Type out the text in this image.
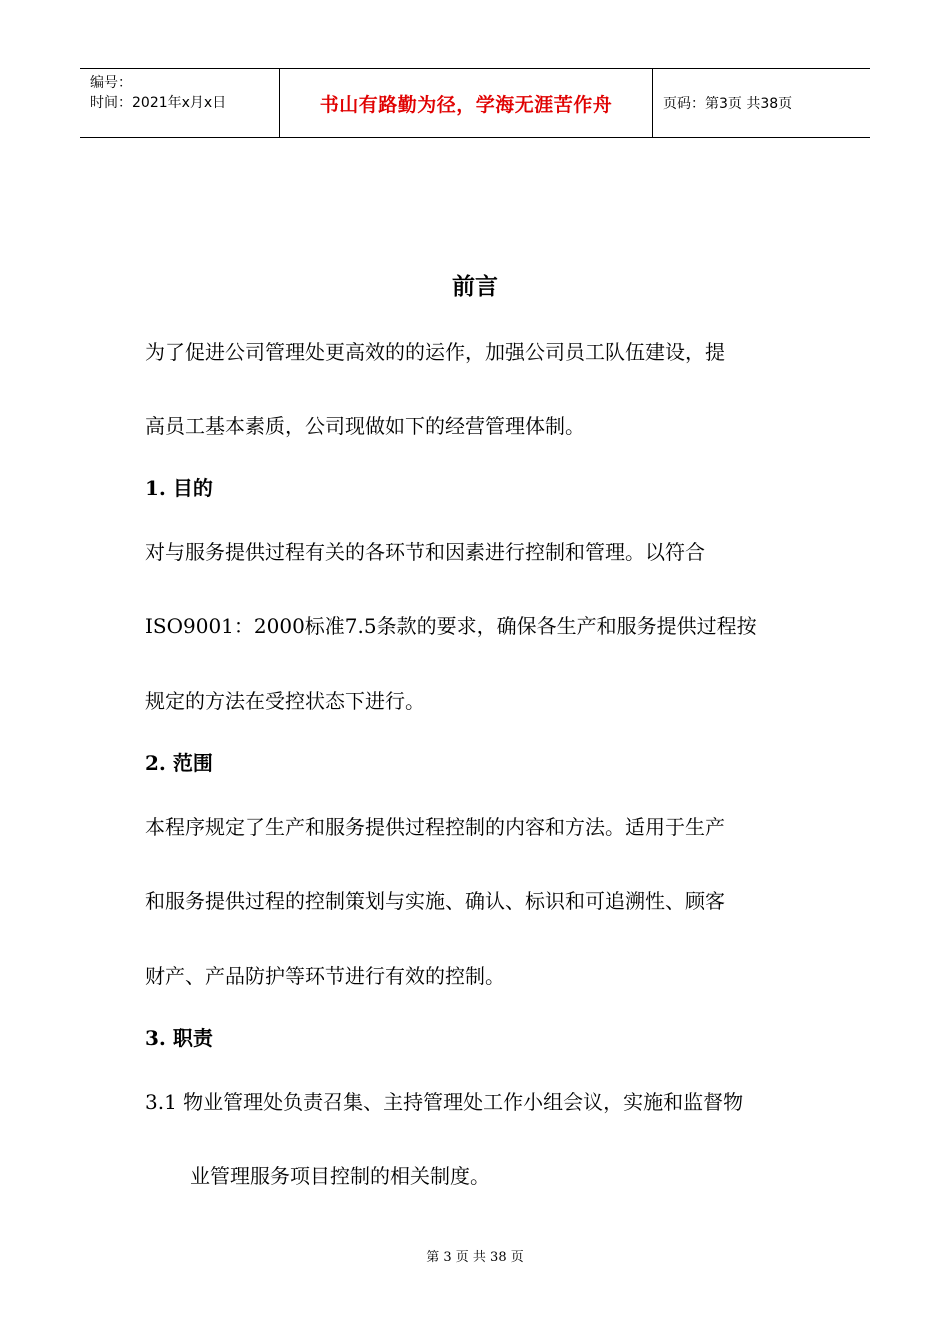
编号：
时间：2021年x月x日	书山有路勤为径，学海无涯苦作舟	页码：第3页 共38页
前言
为了促进公司管理处更高效的的运作，加强公司员工队伍建设，提
高员工基本素质，公司现做如下的经营管理体制。
1. 目的
对与服务提供过程有关的各环节和因素进行控制和管理。以符合
ISO9001：2000标准7.5条款的要求，确保各生产和服务提供过程按
规定的方法在受控状态下进行。
2. 范围
本程序规定了生产和服务提供过程控制的内容和方法。适用于生产
和服务提供过程的控制策划与实施、确认、标识和可追溯性、顾客
财产、产品防护等环节进行有效的控制。
3. 职责
3.1 物业管理处负责召集、主持管理处工作小组会议，实施和监督物
业管理服务项目控制的相关制度。
第 3 页 共 38 页
